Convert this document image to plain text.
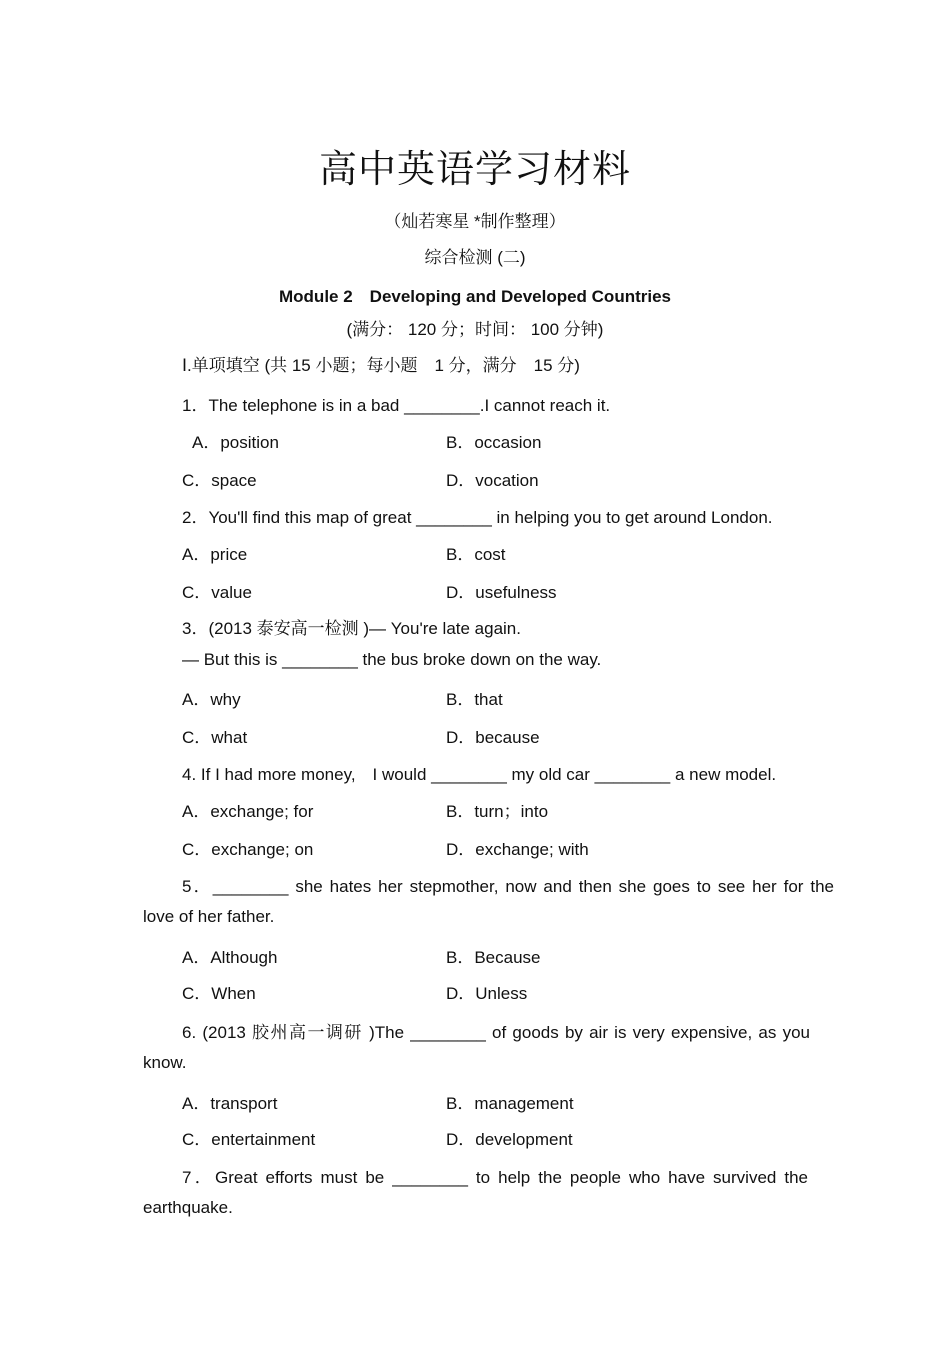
高中英语学习材料
（灿若寒星 *制作整理）
综合检测 (二)
Module 2　Developing and Developed Countries
(满分： 120 分；时间： 100 分钟)
Ⅰ.单项填空 (共 15 小题；每小题　1 分，满分　15 分)
1．The telephone is in a bad ________.I cannot reach it.
A．position	B．occasion
C．space	D．vocation
2．You'll find this map of great ________ in helping you to get around London.
A．price	B．cost
C．value	D．usefulness
3．(2013 泰安高一检测 )— You're late again.
— But this is ________ the bus broke down on the way.
A．why	B．that
C．what	D．because
4. If I had more money,　I would ________ my old car ________ a new model.
A．exchange; for	B．turn；into
C．exchange; on	D．exchange; with
5．________ she hates her stepmother, now and then she goes to see her for the
love of her father.
A．Although	B．Because
C．When	D．Unless
6. (2013 胶州高一调研 )The ________ of goods by air is very expensive, as you
know.
A．transport	B．management
C．entertainment	D．development
7．Great efforts must be ________ to help the people who have survived the
earthquake.
